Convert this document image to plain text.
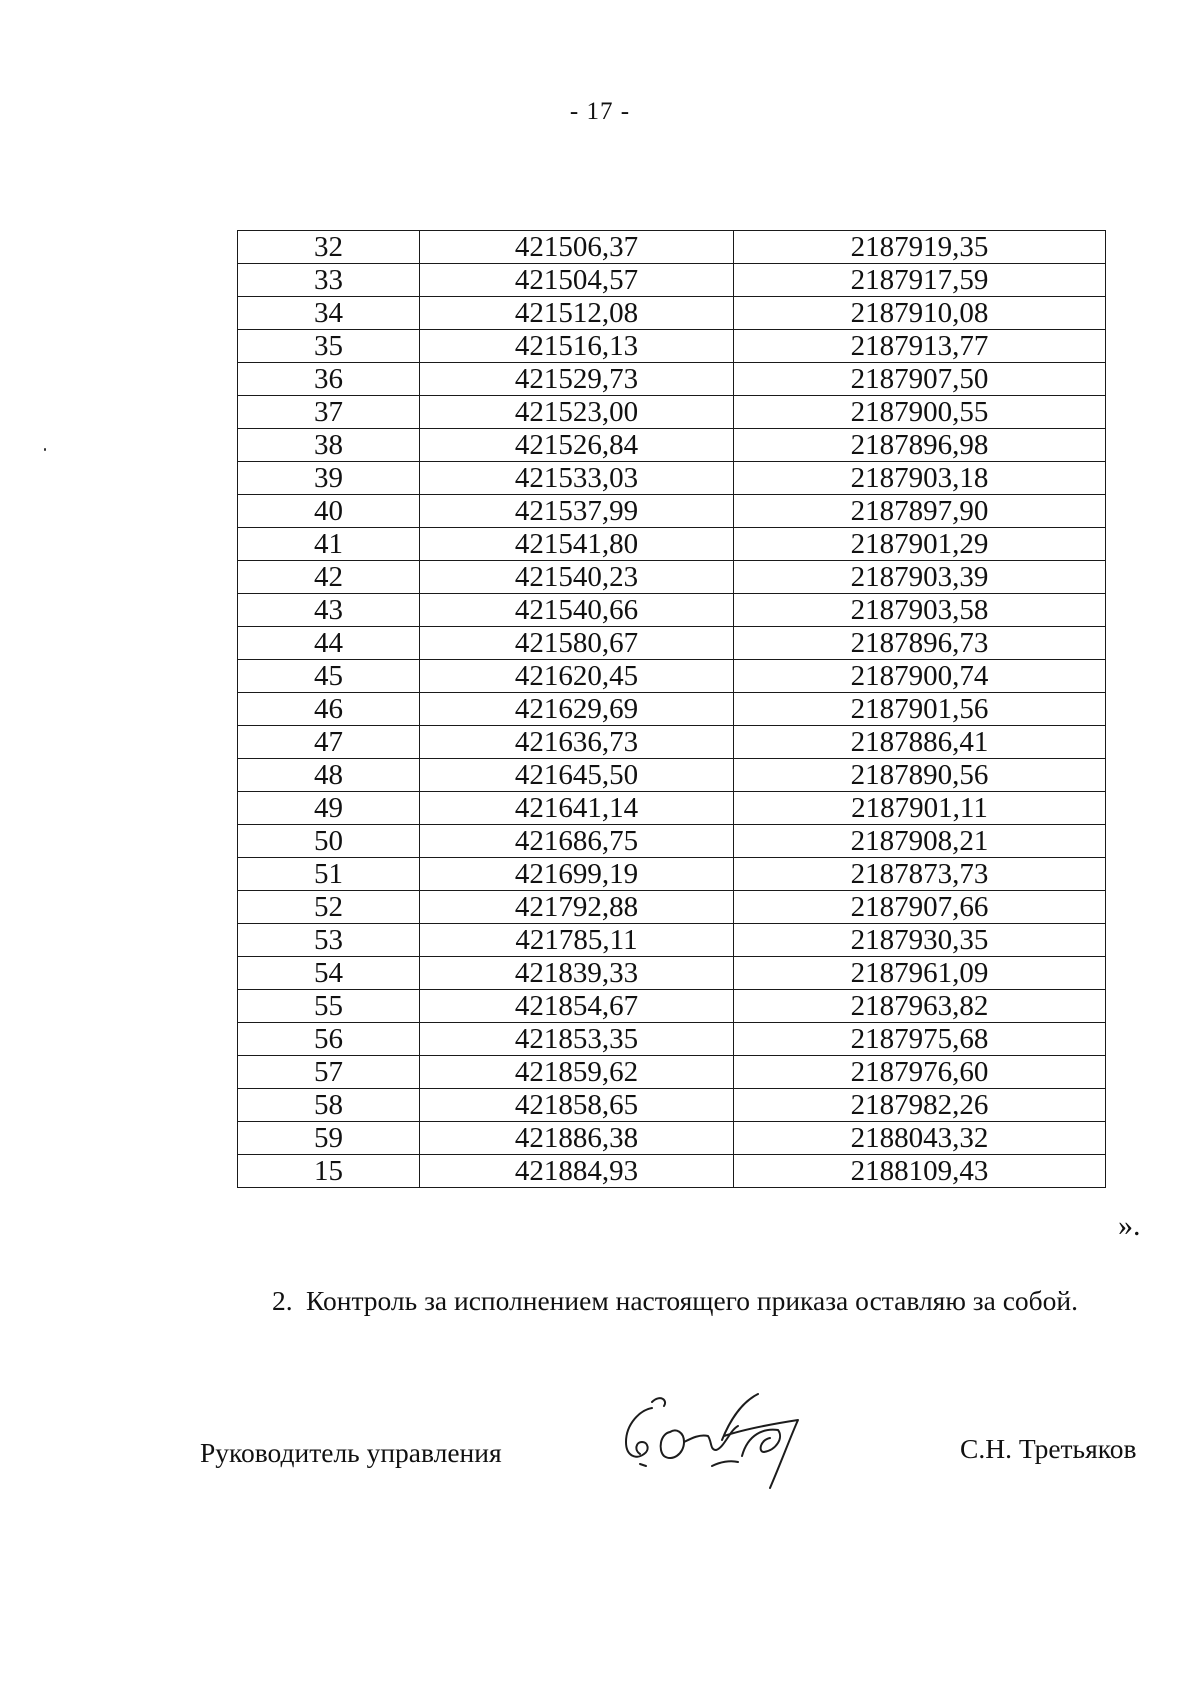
- 17 -
32	421506,37	2187919,35
33	421504,57	2187917,59
34	421512,08	2187910,08
35	421516,13	2187913,77
36	421529,73	2187907,50
37	421523,00	2187900,55
38	421526,84	2187896,98
39	421533,03	2187903,18
40	421537,99	2187897,90
41	421541,80	2187901,29
42	421540,23	2187903,39
43	421540,66	2187903,58
44	421580,67	2187896,73
45	421620,45	2187900,74
46	421629,69	2187901,56
47	421636,73	2187886,41
48	421645,50	2187890,56
49	421641,14	2187901,11
50	421686,75	2187908,21
51	421699,19	2187873,73
52	421792,88	2187907,66
53	421785,11	2187930,35
54	421839,33	2187961,09
55	421854,67	2187963,82
56	421853,35	2187975,68
57	421859,62	2187976,60
58	421858,65	2187982,26
59	421886,38	2188043,32
15	421884,93	2188109,43
».
2. Контроль за исполнением настоящего приказа оставляю за собой.
Руководитель управления	С.Н. Третьяков
